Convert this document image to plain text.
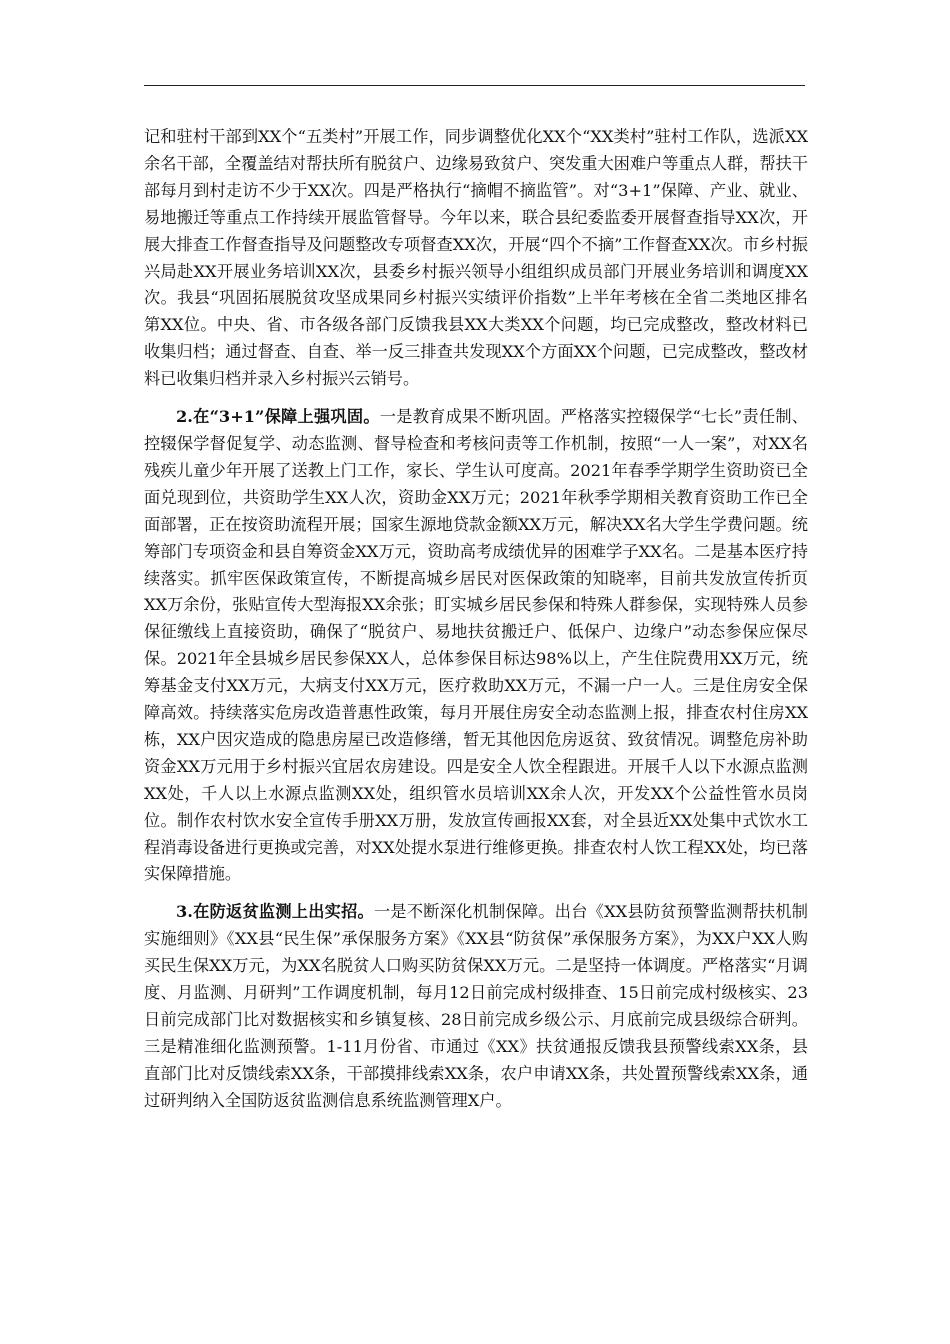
记和驻村干部到XX个“五类村”开展工作，同步调整优化XX个“XX类村”驻村工作队，选派XX余名干部，全覆盖结对帮扶所有脱贫户、边缘易致贫户、突发重大困难户等重点人群，帮扶干部每月到村走访不少于XX次。四是严格执行“摘帽不摘监管”。对“3+1”保障、产业、就业、易地搬迁等重点工作持续开展监管督导。今年以来，联合县纪委监委开展督查指导XX次，开展大排查工作督查指导及问题整改专项督查XX次，开展“四个不摘”工作督查XX次。市乡村振兴局赴XX开展业务培训XX次，县委乡村振兴领导小组组织成员部门开展业务培训和调度XX次。我县“巩固拓展脱贫攻坚成果同乡村振兴实绩评价指数”上半年考核在全省二类地区排名第XX位。中央、省、市各级各部门反馈我县XX大类XX个问题，均已完成整改，整改材料已收集归档；通过督查、自查、举一反三排查共发现XX个方面XX个问题，已完成整改，整改材料已收集归档并录入乡村振兴云销号。

2.在“3+1”保障上强巩固。一是教育成果不断巩固。严格落实控辍保学“七长”责任制、控辍保学督促复学、动态监测、督导检查和考核问责等工作机制，按照“一人一案”，对XX名残疾儿童少年开展了送教上门工作，家长、学生认可度高。2021年春季学期学生资助资已全面兑现到位，共资助学生XX人次，资助金XX万元；2021年秋季学期相关教育资助工作已全面部署，正在按资助流程开展；国家生源地贷款金额XX万元，解决XX名大学生学费问题。统筹部门专项资金和县自筹资金XX万元，资助高考成绩优异的困难学子XX名。二是基本医疗持续落实。抓牢医保政策宣传，不断提高城乡居民对医保政策的知晓率，目前共发放宣传折页XX万余份，张贴宣传大型海报XX余张；盯实城乡居民参保和特殊人群参保，实现特殊人员参保征缴线上直接资助，确保了“脱贫户、易地扶贫搬迁户、低保户、边缘户”动态参保应保尽保。2021年全县城乡居民参保XX人，总体参保目标达98%以上，产生住院费用XX万元，统筹基金支付XX万元，大病支付XX万元，医疗救助XX万元，不漏一户一人。三是住房安全保障高效。持续落实危房改造普惠性政策，每月开展住房安全动态监测上报，排查农村住房XX栋，XX户因灾造成的隐患房屋已改造修缮，暂无其他因危房返贫、致贫情况。调整危房补助资金XX万元用于乡村振兴宜居农房建设。四是安全人饮全程跟进。开展千人以下水源点监测XX处，千人以上水源点监测XX处，组织管水员培训XX余人次，开发XX个公益性管水员岗位。制作农村饮水安全宣传手册XX万册，发放宣传画报XX套，对全县近XX处集中式饮水工程消毒设备进行更换或完善，对XX处提水泵进行维修更换。排查农村人饮工程XX处，均已落实保障措施。

3.在防返贫监测上出实招。一是不断深化机制保障。出台《XX县防贫预警监测帮扶机制实施细则》《XX县“民生保”承保服务方案》《XX县“防贫保”承保服务方案》，为XX户XX人购买民生保XX万元，为XX名脱贫人口购买防贫保XX万元。二是坚持一体调度。严格落实“月调度、月监测、月研判”工作调度机制，每月12日前完成村级排查、15日前完成村级核实、23日前完成部门比对数据核实和乡镇复核、28日前完成乡级公示、月底前完成县级综合研判。三是精准细化监测预警。1-11月份省、市通过《XX》扶贫通报反馈我县预警线索XX条，县直部门比对反馈线索XX条，干部摸排线索XX条，农户申请XX条，共处置预警线索XX条，通过研判纳入全国防返贫监测信息系统监测管理X户。
